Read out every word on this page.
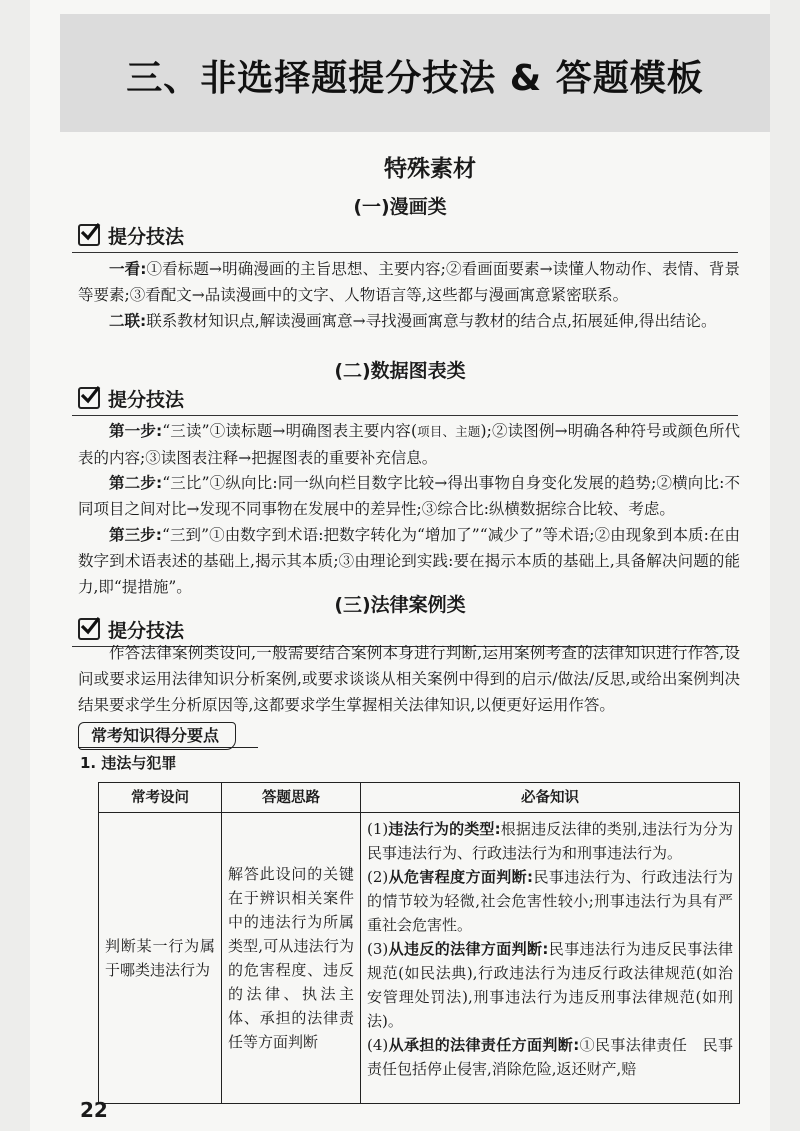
三、非选择题提分技法 & 答题模板
特殊素材
(一)漫画类
提分技法
一看:①看标题→明确漫画的主旨思想、主要内容;②看画面要素→读懂人物动作、表情、背景等要素;③看配文→品读漫画中的文字、人物语言等,这些都与漫画寓意紧密联系。
二联:联系教材知识点,解读漫画寓意→寻找漫画寓意与教材的结合点,拓展延伸,得出结论。
(二)数据图表类
提分技法
第一步:“三读”①读标题→明确图表主要内容(项目、主题);②读图例→明确各种符号或颜色所代表的内容;③读图表注释→把握图表的重要补充信息。
第二步:“三比”①纵向比:同一纵向栏目数字比较→得出事物自身变化发展的趋势;②横向比:不同项目之间对比→发现不同事物在发展中的差异性;③综合比:纵横数据综合比较、考虑。
第三步:“三到”①由数字到术语:把数字转化为“增加了”“减少了”等术语;②由现象到本质:在由数字到术语表述的基础上,揭示其本质;③由理论到实践:要在揭示本质的基础上,具备解决问题的能力,即“提措施”。
(三)法律案例类
提分技法
作答法律案例类设问,一般需要结合案例本身进行判断,运用案例考查的法律知识进行作答,设问或要求运用法律知识分析案例,或要求谈谈从相关案例中得到的启示/做法/反思,或给出案例判决结果要求学生分析原因等,这都要求学生掌握相关法律知识,以便更好运用作答。
常考知识得分要点
1. 违法与犯罪
常考设问	答题思路	必备知识
判断某一行为属于哪类违法行为	解答此设问的关键在于辨识相关案件中的违法行为所属类型,可从违法行为的危害程度、违反的法律、执法主体、承担的法律责任等方面判断	(1)违法行为的类型:根据违反法律的类别,违法行为分为民事违法行为、行政违法行为和刑事违法行为。
(2)从危害程度方面判断:民事违法行为、行政违法行为的情节较为轻微,社会危害性较小;刑事违法行为具有严重社会危害性。
(3)从违反的法律方面判断:民事违法行为违反民事法律规范(如民法典),行政违法行为违反行政法律规范(如治安管理处罚法),刑事违法行为违反刑事法律规范(如刑法)。
(4)从承担的法律责任方面判断:①民事法律责任　民事责任包括停止侵害,消除危险,返还财产,赔
22
